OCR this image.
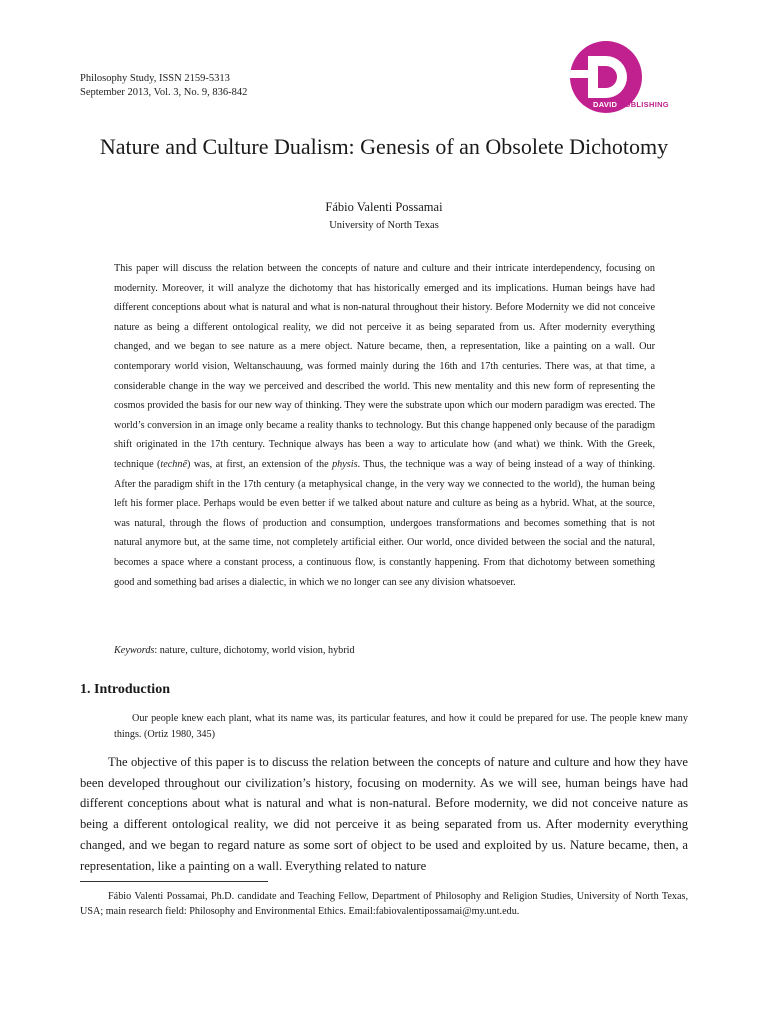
Philosophy Study, ISSN 2159-5313
September 2013, Vol. 3, No. 9, 836-842
DAVID PUBLISHING
Nature and Culture Dualism: Genesis of an Obsolete Dichotomy
Fábio Valenti Possamai
University of North Texas

This paper will discuss the relation between the concepts of nature and culture and their intricate interdependency, focusing on modernity. Moreover, it will analyze the dichotomy that has historically emerged and its implications. Human beings have had different conceptions about what is natural and what is non-natural throughout their history. Before Modernity we did not conceive nature as being a different ontological reality, we did not perceive it as being separated from us. After modernity everything changed, and we began to see nature as a mere object. Nature became, then, a representation, like a painting on a wall. Our contemporary world vision, Weltanschauung, was formed mainly during the 16th and 17th centuries. There was, at that time, a considerable change in the way we perceived and described the world. This new mentality and this new form of representing the cosmos provided the basis for our new way of thinking. They were the substrate upon which our modern paradigm was erected. The world’s conversion in an image only became a reality thanks to technology. But this change happened only because of the paradigm shift originated in the 17th century. Technique always has been a way to articulate how (and what) we think. With the Greek, technique (technê) was, at first, an extension of the physis. Thus, the technique was a way of being instead of a way of thinking. After the paradigm shift in the 17th century (a metaphysical change, in the very way we connected to the world), the human being left his former place. Perhaps would be even better if we talked about nature and culture as being as a hybrid. What, at the source, was natural, through the flows of production and consumption, undergoes transformations and becomes something that is not natural anymore but, at the same time, not completely artificial either. Our world, once divided between the social and the natural, becomes a space where a constant process, a continuous flow, is constantly happening. From that dichotomy between something good and something bad arises a dialectic, in which we no longer can see any division whatsoever.

Keywords: nature, culture, dichotomy, world vision, hybrid
1. Introduction

Our people knew each plant, what its name was, its particular features, and how it could be prepared for use. The people knew many things. (Ortiz 1980, 345)

The objective of this paper is to discuss the relation between the concepts of nature and culture and how they have been developed throughout our civilization’s history, focusing on modernity. As we will see, human beings have had different conceptions about what is natural and what is non-natural. Before modernity, we did not conceive nature as being a different ontological reality, we did not perceive it as being separated from us. After modernity everything changed, and we began to regard nature as some sort of object to be used and exploited by us. Nature became, then, a representation, like a painting on a wall. Everything related to nature

Fábio Valenti Possamai, Ph.D. candidate and Teaching Fellow, Department of Philosophy and Religion Studies, University of North Texas, USA; main research field: Philosophy and Environmental Ethics. Email:fabiovalentipossamai@my.unt.edu.
